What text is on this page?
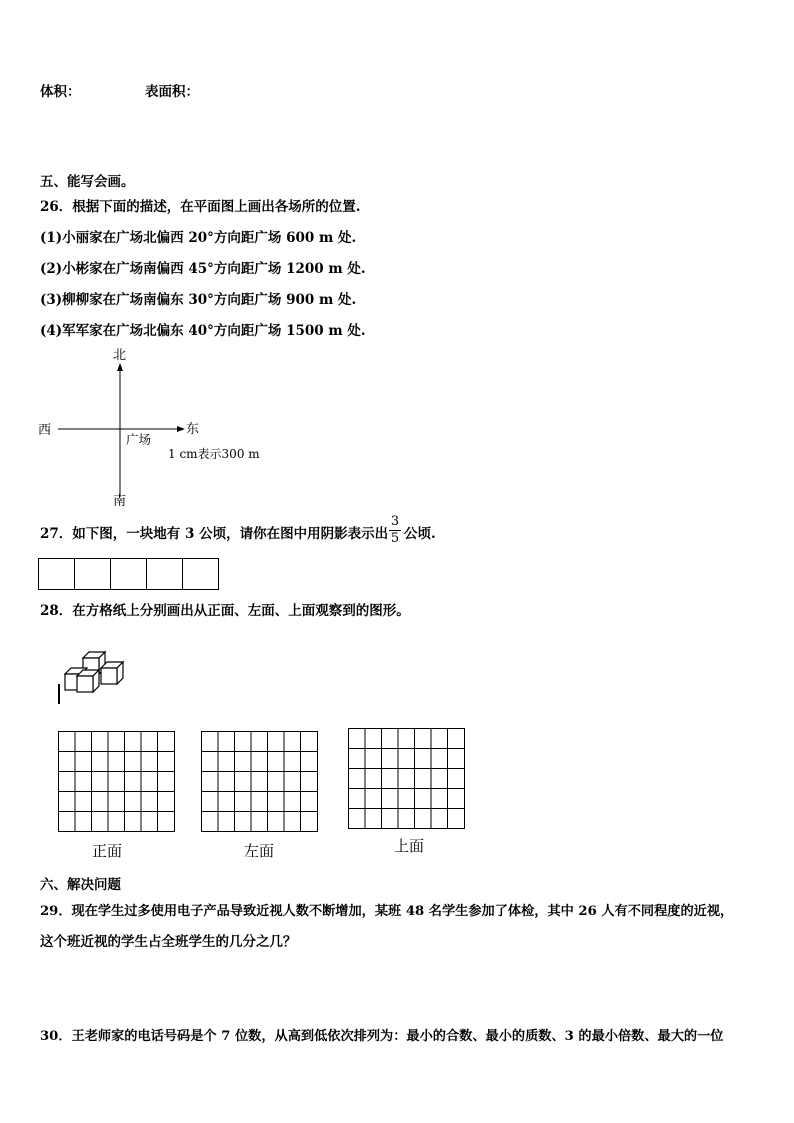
体积：	表面积：
五、能写会画。
26．根据下面的描述，在平面图上画出各场所的位置.
(1)小丽家在广场北偏西 20°方向距广场 600 m 处.
(2)小彬家在广场南偏西 45°方向距广场 1200 m 处.
(3)柳柳家在广场南偏东 30°方向距广场 900 m 处.
(4)军军家在广场北偏东 40°方向距广场 1500 m 处.
北
南
西	东
广场
1 cm表示300 m
27．如下图，一块地有 3 公顷，请你在图中用阴影表示出
3
5 公顷.
28．在方格纸上分别画出从正面、左面、上面观察到的图形。
正面	左面	上面
六、解决问题
29．现在学生过多使用电子产品导致近视人数不断增加，某班 48 名学生参加了体检，其中 26 人有不同程度的近视，
这个班近视的学生占全班学生的几分之几？
30．王老师家的电话号码是个 7 位数，从高到低依次排列为：最小的合数、最小的质数、3 的最小倍数、最大的一位
